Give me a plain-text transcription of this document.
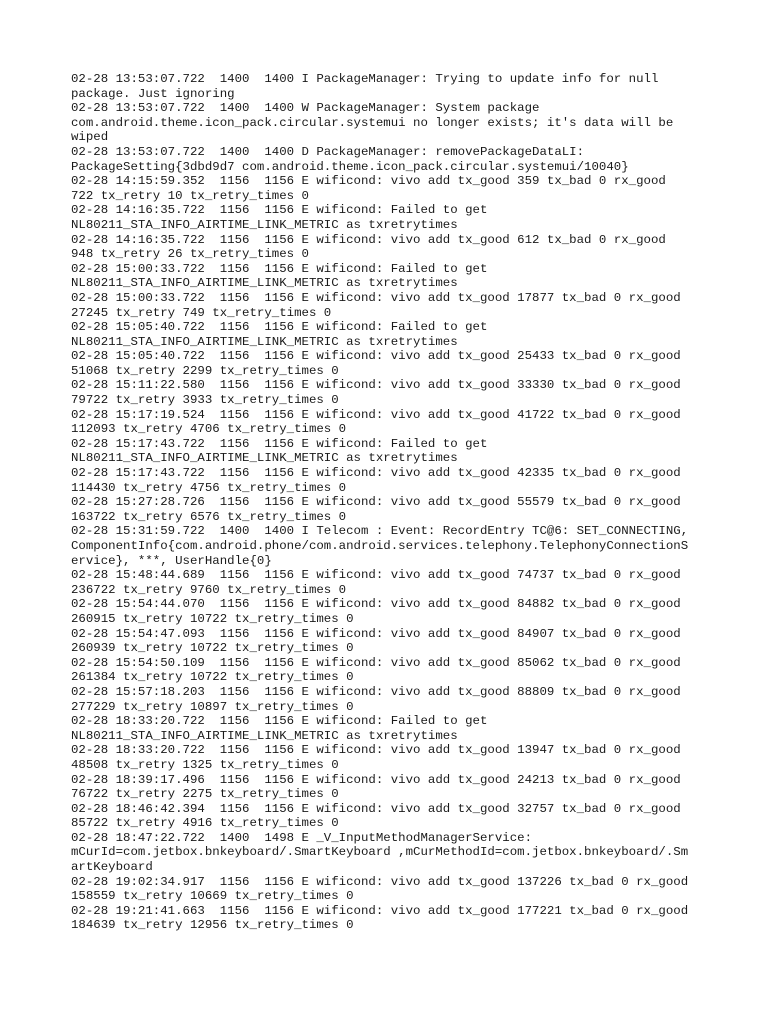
02-28 13:53:07.722  1400  1400 I PackageManager: Trying to update info for null
package. Just ignoring
02-28 13:53:07.722  1400  1400 W PackageManager: System package
com.android.theme.icon_pack.circular.systemui no longer exists; it's data will be
wiped
02-28 13:53:07.722  1400  1400 D PackageManager: removePackageDataLI:
PackageSetting{3dbd9d7 com.android.theme.icon_pack.circular.systemui/10040}
02-28 14:15:59.352  1156  1156 E wificond: vivo add tx_good 359 tx_bad 0 rx_good
722 tx_retry 10 tx_retry_times 0
02-28 14:16:35.722  1156  1156 E wificond: Failed to get
NL80211_STA_INFO_AIRTIME_LINK_METRIC as txretrytimes
02-28 14:16:35.722  1156  1156 E wificond: vivo add tx_good 612 tx_bad 0 rx_good
948 tx_retry 26 tx_retry_times 0
02-28 15:00:33.722  1156  1156 E wificond: Failed to get
NL80211_STA_INFO_AIRTIME_LINK_METRIC as txretrytimes
02-28 15:00:33.722  1156  1156 E wificond: vivo add tx_good 17877 tx_bad 0 rx_good
27245 tx_retry 749 tx_retry_times 0
02-28 15:05:40.722  1156  1156 E wificond: Failed to get
NL80211_STA_INFO_AIRTIME_LINK_METRIC as txretrytimes
02-28 15:05:40.722  1156  1156 E wificond: vivo add tx_good 25433 tx_bad 0 rx_good
51068 tx_retry 2299 tx_retry_times 0
02-28 15:11:22.580  1156  1156 E wificond: vivo add tx_good 33330 tx_bad 0 rx_good
79722 tx_retry 3933 tx_retry_times 0
02-28 15:17:19.524  1156  1156 E wificond: vivo add tx_good 41722 tx_bad 0 rx_good
112093 tx_retry 4706 tx_retry_times 0
02-28 15:17:43.722  1156  1156 E wificond: Failed to get
NL80211_STA_INFO_AIRTIME_LINK_METRIC as txretrytimes
02-28 15:17:43.722  1156  1156 E wificond: vivo add tx_good 42335 tx_bad 0 rx_good
114430 tx_retry 4756 tx_retry_times 0
02-28 15:27:28.726  1156  1156 E wificond: vivo add tx_good 55579 tx_bad 0 rx_good
163722 tx_retry 6576 tx_retry_times 0
02-28 15:31:59.722  1400  1400 I Telecom : Event: RecordEntry TC@6: SET_CONNECTING,
ComponentInfo{com.android.phone/com.android.services.telephony.TelephonyConnectionS
ervice}, ***, UserHandle{0}
02-28 15:48:44.689  1156  1156 E wificond: vivo add tx_good 74737 tx_bad 0 rx_good
236722 tx_retry 9760 tx_retry_times 0
02-28 15:54:44.070  1156  1156 E wificond: vivo add tx_good 84882 tx_bad 0 rx_good
260915 tx_retry 10722 tx_retry_times 0
02-28 15:54:47.093  1156  1156 E wificond: vivo add tx_good 84907 tx_bad 0 rx_good
260939 tx_retry 10722 tx_retry_times 0
02-28 15:54:50.109  1156  1156 E wificond: vivo add tx_good 85062 tx_bad 0 rx_good
261384 tx_retry 10722 tx_retry_times 0
02-28 15:57:18.203  1156  1156 E wificond: vivo add tx_good 88809 tx_bad 0 rx_good
277229 tx_retry 10897 tx_retry_times 0
02-28 18:33:20.722  1156  1156 E wificond: Failed to get
NL80211_STA_INFO_AIRTIME_LINK_METRIC as txretrytimes
02-28 18:33:20.722  1156  1156 E wificond: vivo add tx_good 13947 tx_bad 0 rx_good
48508 tx_retry 1325 tx_retry_times 0
02-28 18:39:17.496  1156  1156 E wificond: vivo add tx_good 24213 tx_bad 0 rx_good
76722 tx_retry 2275 tx_retry_times 0
02-28 18:46:42.394  1156  1156 E wificond: vivo add tx_good 32757 tx_bad 0 rx_good
85722 tx_retry 4916 tx_retry_times 0
02-28 18:47:22.722  1400  1498 E _V_InputMethodManagerService:
mCurId=com.jetbox.bnkeyboard/.SmartKeyboard ,mCurMethodId=com.jetbox.bnkeyboard/.Sm
artKeyboard
02-28 19:02:34.917  1156  1156 E wificond: vivo add tx_good 137226 tx_bad 0 rx_good
158559 tx_retry 10669 tx_retry_times 0
02-28 19:21:41.663  1156  1156 E wificond: vivo add tx_good 177221 tx_bad 0 rx_good
184639 tx_retry 12956 tx_retry_times 0
